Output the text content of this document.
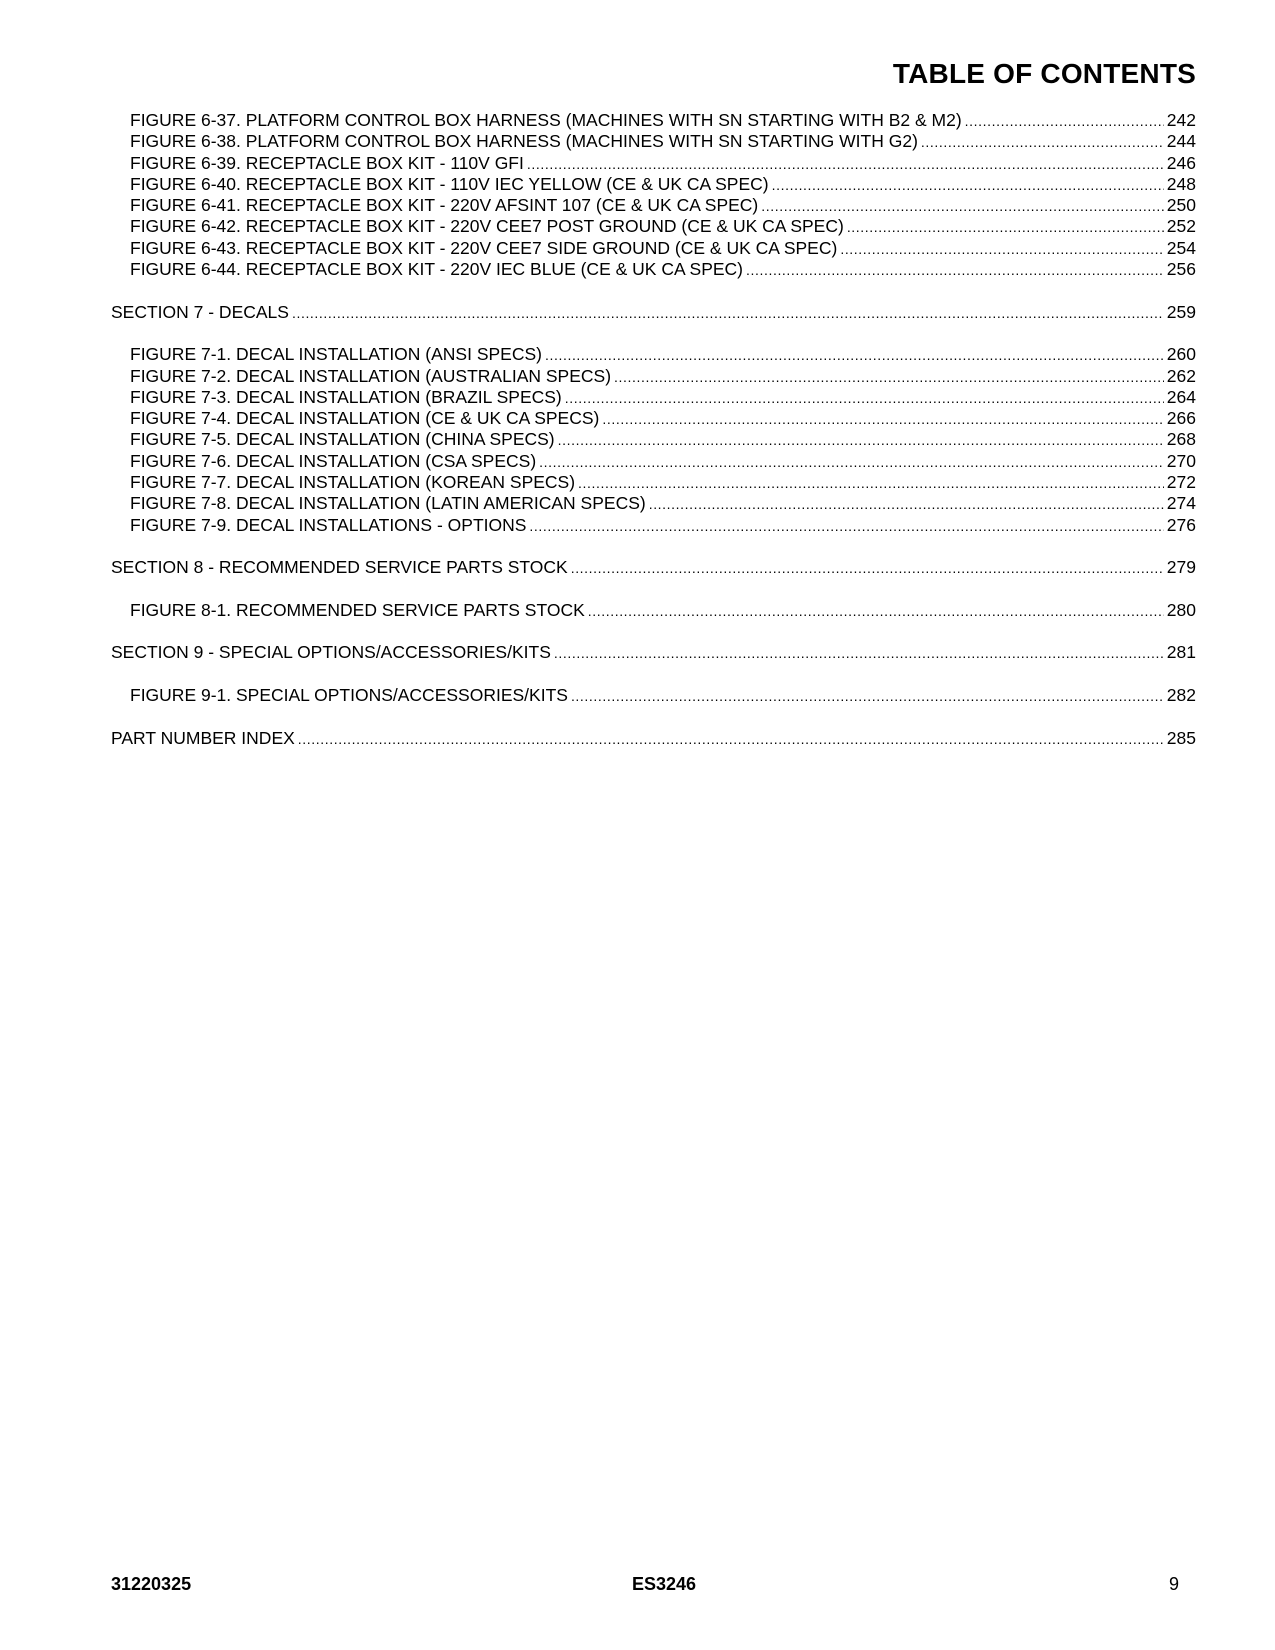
TABLE OF CONTENTS
FIGURE 6-37. PLATFORM CONTROL BOX HARNESS (MACHINES WITH SN STARTING WITH B2 & M2) .....	242
FIGURE 6-38. PLATFORM CONTROL BOX HARNESS (MACHINES WITH SN STARTING WITH G2) .....	244
FIGURE 6-39. RECEPTACLE BOX KIT - 110V GFI .....	246
FIGURE 6-40. RECEPTACLE BOX KIT - 110V IEC YELLOW (CE & UK CA SPEC) .....	248
FIGURE 6-41. RECEPTACLE BOX KIT - 220V AFSINT 107 (CE & UK CA SPEC) .....	250
FIGURE 6-42. RECEPTACLE BOX KIT - 220V CEE7 POST GROUND (CE & UK CA SPEC) .....	252
FIGURE 6-43. RECEPTACLE BOX KIT - 220V CEE7 SIDE GROUND (CE & UK CA SPEC) .....	254
FIGURE 6-44. RECEPTACLE BOX KIT - 220V IEC BLUE (CE & UK CA SPEC) .....	256
SECTION 7 - DECALS .....	259
FIGURE 7-1. DECAL INSTALLATION (ANSI SPECS) .....	260
FIGURE 7-2. DECAL INSTALLATION (AUSTRALIAN SPECS) .....	262
FIGURE 7-3. DECAL INSTALLATION (BRAZIL SPECS) .....	264
FIGURE 7-4. DECAL INSTALLATION (CE & UK CA SPECS) .....	266
FIGURE 7-5. DECAL INSTALLATION (CHINA SPECS) .....	268
FIGURE 7-6. DECAL INSTALLATION (CSA SPECS) .....	270
FIGURE 7-7. DECAL INSTALLATION (KOREAN SPECS) .....	272
FIGURE 7-8. DECAL INSTALLATION (LATIN AMERICAN SPECS) .....	274
FIGURE 7-9. DECAL INSTALLATIONS - OPTIONS .....	276
SECTION 8 - RECOMMENDED SERVICE PARTS STOCK .....	279
FIGURE 8-1. RECOMMENDED SERVICE PARTS STOCK .....	280
SECTION 9 - SPECIAL OPTIONS/ACCESSORIES/KITS .....	281
FIGURE 9-1. SPECIAL OPTIONS/ACCESSORIES/KITS .....	282
PART NUMBER INDEX .....	285
31220325	ES3246	9
